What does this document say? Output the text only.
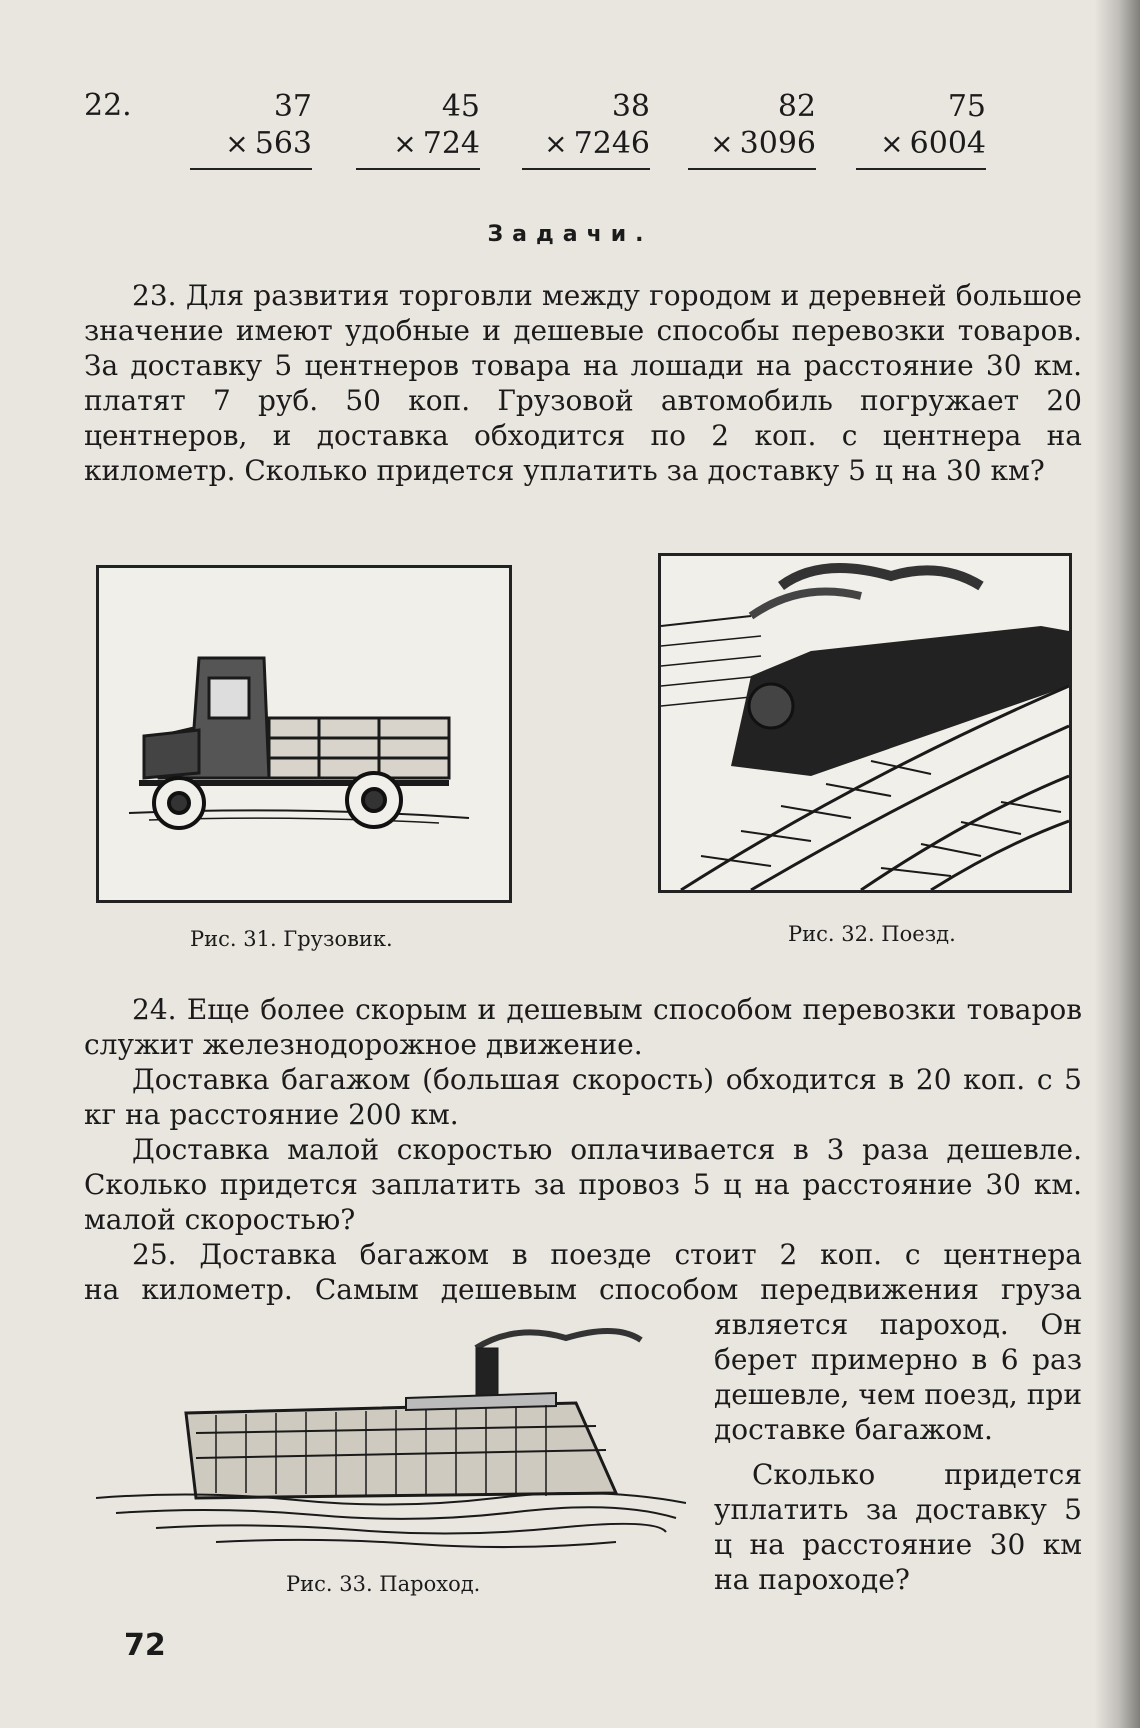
22.	37
× 563
45
× 724
38
× 7246
82
× 3096
75
× 6004
Задачи.
23. Для развития торговли между городом и деревней большое значение имеют удобные и дешевые способы перевозки товаров. За доставку 5 центнеров товара на лошади на расстояние 30 км. платят 7 руб. 50 коп. Грузовой автомобиль погружает 20 центнеров, и доставка обходится по 2 коп. с центнера на километр. Сколько придется уплатить за доставку 5 ц на 30 км?
Рис. 31. Грузовик.	Рис. 32. Поезд.
24. Еще более скорым и дешевым способом перевозки товаров служит железнодорожное движение.
Доставка багажом (большая скорость) обходится в 20 коп. с 5 кг на расстояние 200 км.
Доставка малой скоростью оплачивается в 3 раза дешевле. Сколько придется заплатить за провоз 5 ц на расстояние 30 км. малой скоростью?
25. Доставка багажом в поезде стоит 2 коп. с центнера
на километр. Самым дешевым способом передвижения груза
является пароход. Он берет примерно в 6 раз дешевле, чем поезд, при доставке багажом.
Сколько придется уплатить за доставку 5 ц на расстояние 30 км на пароходе?
Рис. 33. Пароход.
72
